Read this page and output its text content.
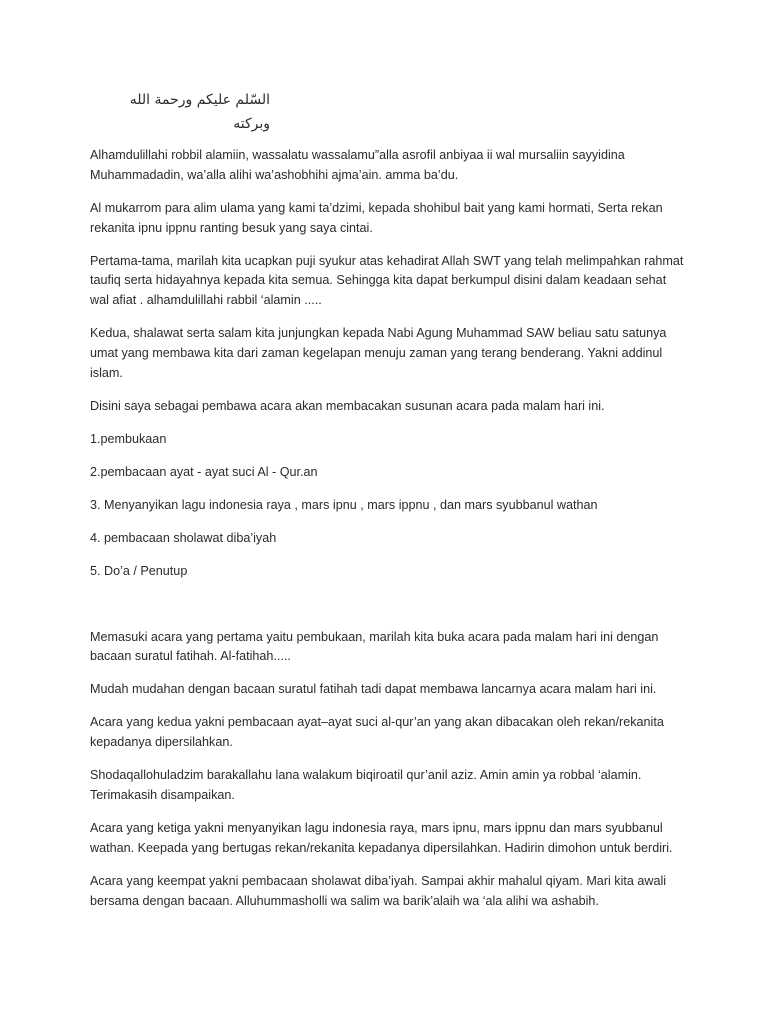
السّلم عليكم ورحمة الله وبركته

Alhamdulillahi robbil alamiin, wassalatu wassalamu”alla asrofil anbiyaa ii wal mursaliin sayyidina Muhammadadin, wa’alla alihi wa’ashobhihi ajma’ain. amma ba’du.

Al mukarrom para alim ulama yang kami ta’dzimi, kepada shohibul bait yang kami hormati, Serta rekan rekanita ipnu ippnu ranting besuk yang saya cintai.

Pertama-tama, marilah kita ucapkan puji syukur atas kehadirat Allah SWT yang telah melimpahkan rahmat taufiq serta hidayahnya kepada kita semua. Sehingga kita dapat berkumpul disini dalam keadaan sehat wal afiat . alhamdulillahi rabbil ‘alamin .....

Kedua, shalawat serta salam kita junjungkan kepada Nabi Agung Muhammad SAW beliau satu satunya umat yang membawa kita dari zaman kegelapan menuju zaman yang terang benderang. Yakni addinul islam.

Disini saya sebagai pembawa acara akan membacakan susunan acara pada malam hari ini.

1.pembukaan
2.pembacaan ayat - ayat suci Al - Qur.an
3. Menyanyikan lagu indonesia raya , mars ipnu , mars ippnu , dan mars syubbanul wathan
4. pembacaan sholawat diba’iyah
5. Do’a / Penutup

Memasuki acara yang pertama yaitu pembukaan, marilah kita buka acara pada malam hari ini dengan bacaan suratul fatihah. Al-fatihah.....

Mudah mudahan dengan bacaan suratul fatihah tadi dapat membawa lancarnya acara malam hari ini.

Acara yang kedua yakni pembacaan ayat–ayat suci al-qur’an yang akan dibacakan oleh rekan/rekanita kepadanya dipersilahkan.

Shodaqallohuladzim barakallahu lana walakum biqiroatil qur’anil aziz. Amin amin ya robbal ‘alamin. Terimakasih disampaikan.

Acara yang ketiga yakni menyanyikan lagu indonesia raya, mars ipnu, mars ippnu dan mars syubbanul wathan. Keepada yang bertugas rekan/rekanita kepadanya dipersilahkan. Hadirin dimohon untuk berdiri.

Acara yang keempat yakni pembacaan sholawat diba’iyah. Sampai akhir mahalul qiyam. Mari kita awali bersama dengan bacaan. Alluhummasholli wa salim wa barik’alaih wa ‘ala alihi wa ashabih.
